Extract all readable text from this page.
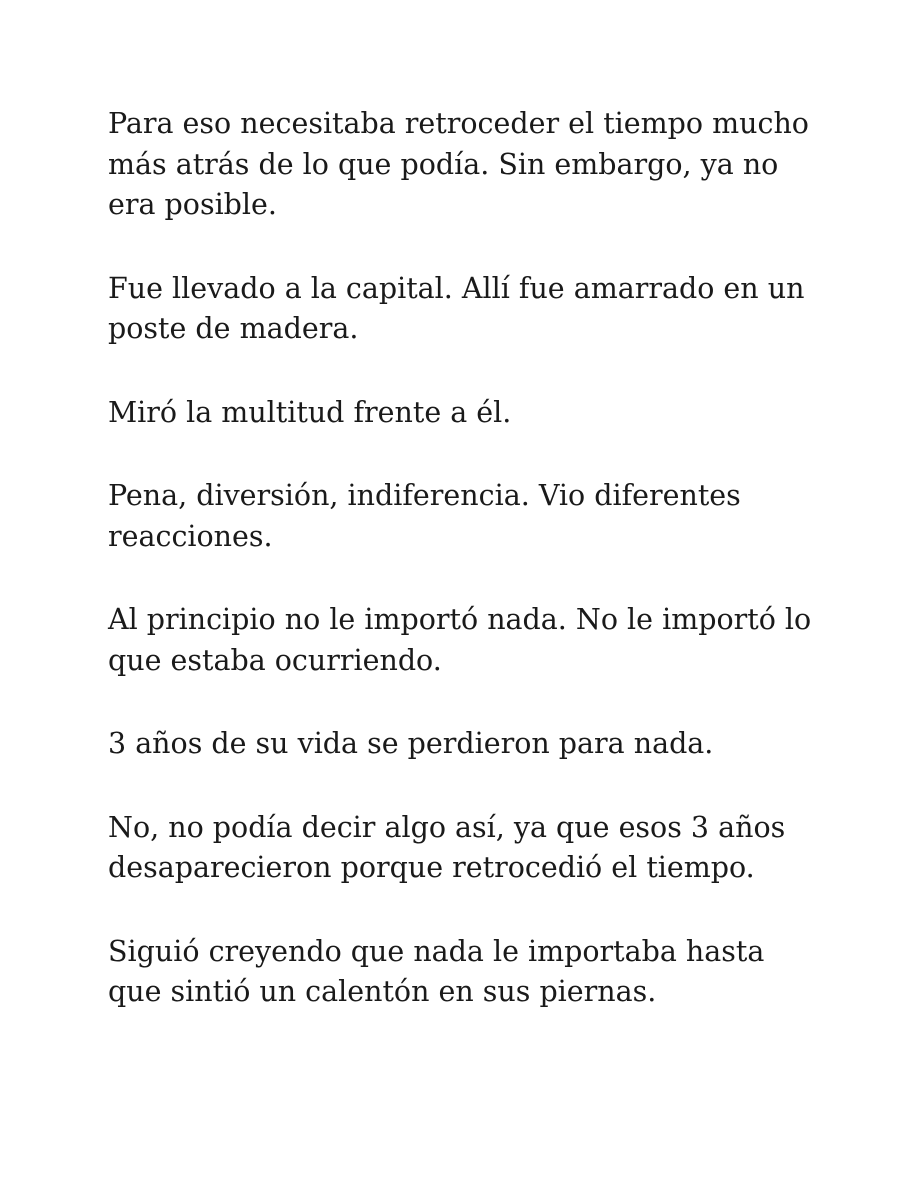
Para eso necesitaba retroceder el tiempo mucho
más atrás de lo que podía. Sin embargo, ya no
era posible.

Fue llevado a la capital. Allí fue amarrado en un
poste de madera.

Miró la multitud frente a él.

Pena, diversión, indiferencia. Vio diferentes
reacciones.

Al principio no le importó nada. No le importó lo
que estaba ocurriendo.

3 años de su vida se perdieron para nada.

No, no podía decir algo así, ya que esos 3 años
desaparecieron porque retrocedió el tiempo.

Siguió creyendo que nada le importaba hasta
que sintió un calentón en sus piernas.
